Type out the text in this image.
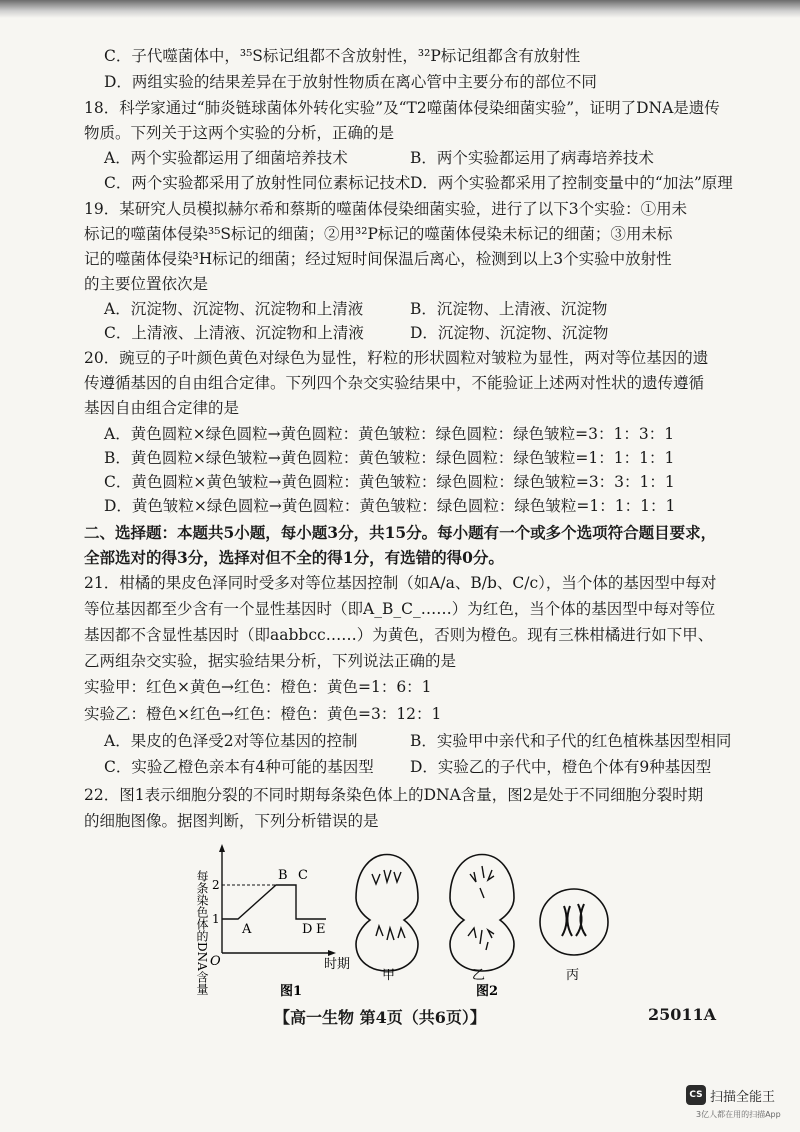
C．子代噬菌体中，³⁵S标记组都不含放射性，³²P标记组都含有放射性
D．两组实验的结果差异在于放射性物质在离心管中主要分布的部位不同
18．科学家通过“肺炎链球菌体外转化实验”及“T2噬菌体侵染细菌实验”，证明了DNA是遗传
物质。下列关于这两个实验的分析，正确的是
A．两个实验都运用了细菌培养技术	B．两个实验都运用了病毒培养技术
C．两个实验都采用了放射性同位素标记技术 D．两个实验都采用了控制变量中的“加法”原理
19．某研究人员模拟赫尔希和蔡斯的噬菌体侵染细菌实验，进行了以下3个实验：①用未
标记的噬菌体侵染³⁵S标记的细菌；②用³²P标记的噬菌体侵染未标记的细菌；③用未标
记的噬菌体侵染³H标记的细菌；经过短时间保温后离心，检测到以上3个实验中放射性
的主要位置依次是
A．沉淀物、沉淀物、沉淀物和上清液	B．沉淀物、上清液、沉淀物
C．上清液、上清液、沉淀物和上清液	D．沉淀物、沉淀物、沉淀物
20．豌豆的子叶颜色黄色对绿色为显性，籽粒的形状圆粒对皱粒为显性，两对等位基因的遗
传遵循基因的自由组合定律。下列四个杂交实验结果中，不能验证上述两对性状的遗传遵循
基因自由组合定律的是
A．黄色圆粒×绿色圆粒→黄色圆粒：黄色皱粒：绿色圆粒：绿色皱粒=3：1：3：1
B．黄色圆粒×绿色皱粒→黄色圆粒：黄色皱粒：绿色圆粒：绿色皱粒=1：1：1：1
C．黄色圆粒×黄色皱粒→黄色圆粒：黄色皱粒：绿色圆粒：绿色皱粒=3：3：1：1
D．黄色皱粒×绿色圆粒→黄色圆粒：黄色皱粒：绿色圆粒：绿色皱粒=1：1：1：1
二、选择题：本题共5小题，每小题3分，共15分。每小题有一个或多个选项符合题目要求，
全部选对的得3分，选择对但不全的得1分，有选错的得0分。
21．柑橘的果皮色泽同时受多对等位基因控制（如A/a、B/b、C/c），当个体的基因型中每对
等位基因都至少含有一个显性基因时（即A_B_C_……）为红色，当个体的基因型中每对等位
基因都不含显性基因时（即aabbcc……）为黄色，否则为橙色。现有三株柑橘进行如下甲、
乙两组杂交实验，据实验结果分析，下列说法正确的是
实验甲：红色×黄色→红色：橙色：黄色=1：6：1
实验乙：橙色×红色→红色：橙色：黄色=3：12：1
A．果皮的色泽受2对等位基因的控制	B．实验甲中亲代和子代的红色植株基因型相同
C．实验乙橙色亲本有4种可能的基因型	D．实验乙的子代中，橙色个体有9种基因型
22．图1表示细胞分裂的不同时期每条染色体上的DNA含量，图2是处于不同细胞分裂时期
的细胞图像。据图判断，下列分析错误的是
每条染色体的DNA含量 O	时期
1
2
A
B C
D E
图1
甲	乙	丙
图2
【高一生物 第4页（共6页）】	25011A
CS 扫描全能王
3亿人都在用的扫描App
